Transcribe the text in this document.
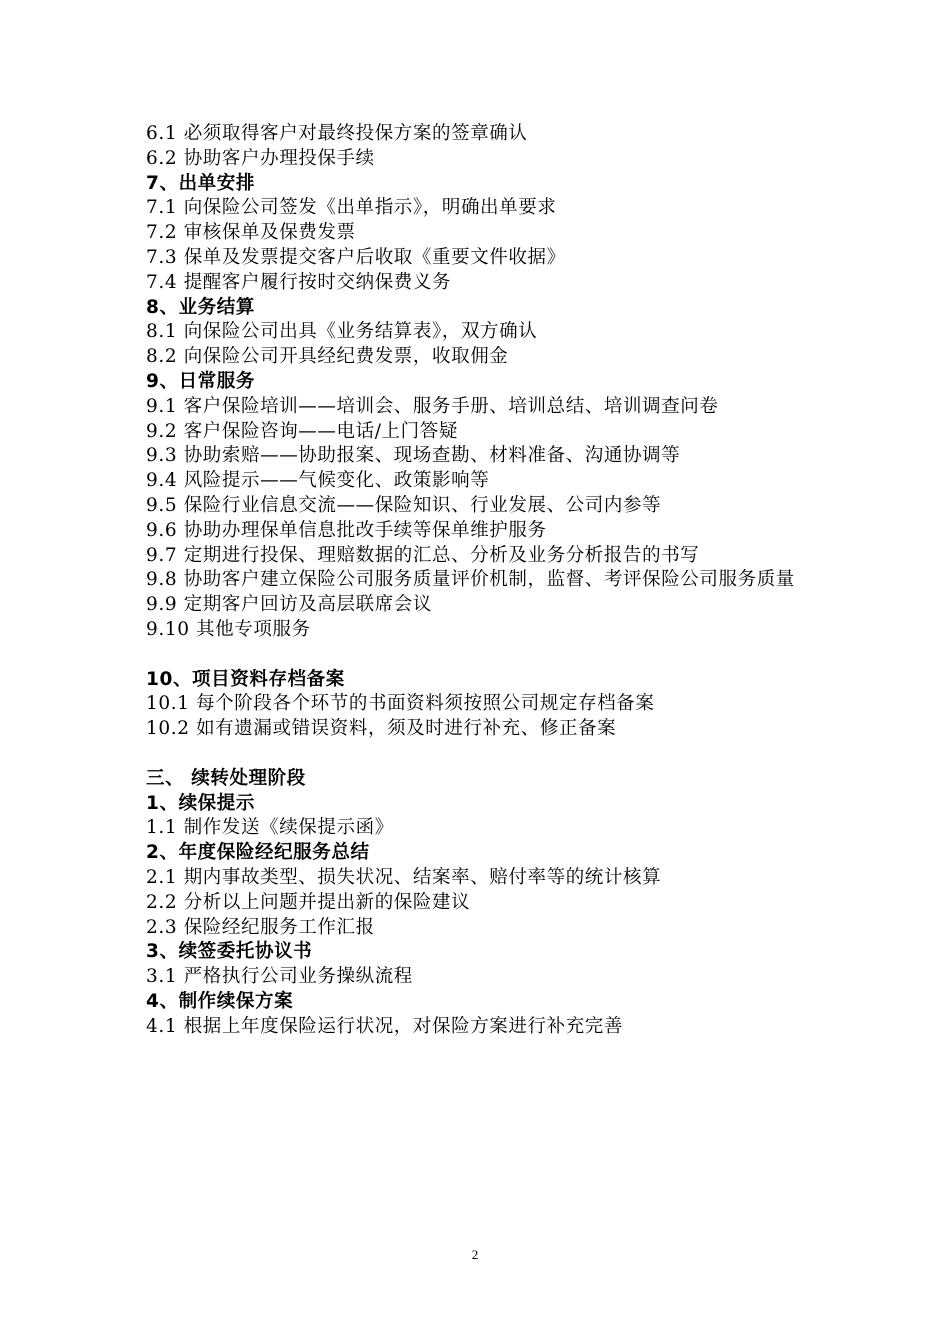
6.1 必须取得客户对最终投保方案的签章确认
6.2 协助客户办理投保手续
7、出单安排
7.1 向保险公司签发《出单指示》，明确出单要求
7.2 审核保单及保费发票
7.3 保单及发票提交客户后收取《重要文件收据》
7.4 提醒客户履行按时交纳保费义务
8、业务结算
8.1 向保险公司出具《业务结算表》，双方确认
8.2 向保险公司开具经纪费发票，收取佣金
9、日常服务
9.1 客户保险培训——培训会、服务手册、培训总结、培训调查问卷
9.2 客户保险咨询——电话/上门答疑
9.3 协助索赔——协助报案、现场查勘、材料准备、沟通协调等
9.4 风险提示——气候变化、政策影响等
9.5 保险行业信息交流——保险知识、行业发展、公司内参等
9.6 协助办理保单信息批改手续等保单维护服务
9.7 定期进行投保、理赔数据的汇总、分析及业务分析报告的书写
9.8 协助客户建立保险公司服务质量评价机制，监督、考评保险公司服务质量
9.9 定期客户回访及高层联席会议
9.10 其他专项服务
10、项目资料存档备案
10.1 每个阶段各个环节的书面资料须按照公司规定存档备案
10.2 如有遗漏或错误资料，须及时进行补充、修正备案
三、 续转处理阶段
1、续保提示
1.1 制作发送《续保提示函》
2、年度保险经纪服务总结
2.1 期内事故类型、损失状况、结案率、赔付率等的统计核算
2.2 分析以上问题并提出新的保险建议
2.3 保险经纪服务工作汇报
3、续签委托协议书
3.1 严格执行公司业务操纵流程
4、制作续保方案
4.1 根据上年度保险运行状况，对保险方案进行补充完善
2
